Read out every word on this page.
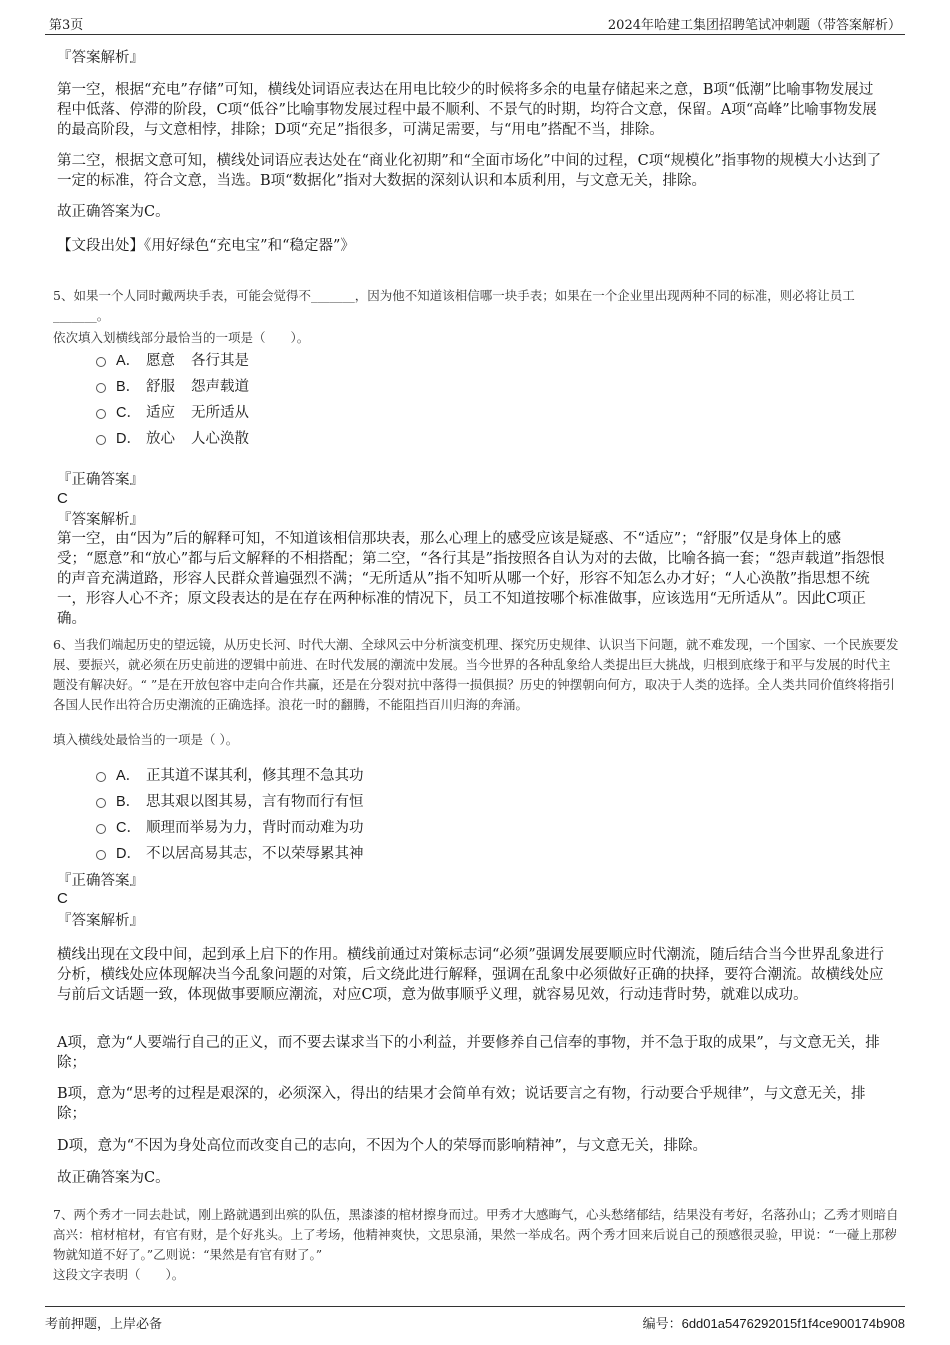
第3页	2024年哈建工集团招聘笔试冲刺题（带答案解析）
『答案解析』
第一空，根据“充电”存储”可知，横线处词语应表达在用电比较少的时候将多余的电量存储起来之意，B项“低潮”比喻事物发展过程中低落、停滞的阶段，C项“低谷”比喻事物发展过程中最不顺利、不景气的时期，均符合文意，保留。A项“高峰”比喻事物发展的最高阶段，与文意相悖，排除；D项“充足”指很多，可满足需要，与“用电”搭配不当，排除。
第二空，根据文意可知，横线处词语应表达处在“商业化初期”和“全面市场化”中间的过程，C项“规模化”指事物的规模大小达到了一定的标准，符合文意，当选。B项“数据化”指对大数据的深刻认识和本质利用，与文意无关，排除。
故正确答案为C。
【文段出处】《用好绿色“充电宝”和“稳定器”》
5、如果一个人同时戴两块手表，可能会觉得不_______，因为他不知道该相信哪一块手表；如果在一个企业里出现两种不同的标准，则必将让员工_______。
依次填入划横线部分最恰当的一项是（　　）。
A． 愿意 各行其是
B． 舒服 怨声载道
C． 适应 无所适从
D． 放心 人心涣散
『正确答案』
C
『答案解析』
第一空，由“因为”后的解释可知，不知道该相信那块表，那么心理上的感受应该是疑惑、不“适应”；“舒服”仅是身体上的感受；“愿意”和“放心”都与后文解释的不相搭配；第二空，“各行其是”指按照各自认为对的去做，比喻各搞一套；“怨声载道”指怨恨的声音充满道路，形容人民群众普遍强烈不满；“无所适从”指不知听从哪一个好，形容不知怎么办才好；“人心涣散”指思想不统一，形容人心不齐；原文段表达的是在存在两种标准的情况下，员工不知道按哪个标准做事，应该选用“无所适从”。因此C项正确。
6、当我们端起历史的望远镜，从历史长河、时代大潮、全球风云中分析演变机理、探究历史规律、认识当下问题，就不难发现，一个国家、一个民族要发展、要振兴，就必须在历史前进的逻辑中前进、在时代发展的潮流中发展。当今世界的各种乱象给人类提出巨大挑战，归根到底缘于和平与发展的时代主题没有解决好。“ ”是在开放包容中走向合作共赢，还是在分裂对抗中落得一损俱损？历史的钟摆朝向何方，取决于人类的选择。全人类共同价值终将指引各国人民作出符合历史潮流的正确选择。浪花一时的翻腾，不能阻挡百川归海的奔涌。
填入横线处最恰当的一项是（ ）。
A． 正其道不谋其利，修其理不急其功
B． 思其艰以图其易，言有物而行有恒
C． 顺理而举易为力，背时而动难为功
D． 不以居高易其志，不以荣辱累其神
『正确答案』
C
『答案解析』
横线出现在文段中间，起到承上启下的作用。横线前通过对策标志词“必须”强调发展要顺应时代潮流，随后结合当今世界乱象进行分析，横线处应体现解决当今乱象问题的对策，后文绕此进行解释，强调在乱象中必须做好正确的抉择，要符合潮流。故横线处应与前后文话题一致，体现做事要顺应潮流，对应C项，意为做事顺乎义理，就容易见效，行动违背时势，就难以成功。
A项，意为“人要端行自己的正义，而不要去谋求当下的小利益，并要修养自己信奉的事物，并不急于取的成果”，与文意无关，排除；
B项，意为“思考的过程是艰深的，必须深入，得出的结果才会简单有效；说话要言之有物，行动要合乎规律”，与文意无关，排除；
D项，意为“不因为身处高位而改变自己的志向，不因为个人的荣辱而影响精神”，与文意无关，排除。
故正确答案为C。
7、两个秀才一同去赴试，刚上路就遇到出殡的队伍，黑漆漆的棺材擦身而过。甲秀才大感晦气，心头愁绪郁结，结果没有考好，名落孙山；乙秀才则暗自高兴：棺材棺材，有官有财，是个好兆头。上了考场，他精神爽快，文思泉涌，果然一举成名。两个秀才回来后说自己的预感很灵验，甲说：“一碰上那秽物就知道不好了。”乙则说：“果然是有官有财了。”
这段文字表明（　　）。
考前押题，上岸必备	编号：6dd01a5476292015f1f4ce900174b908
